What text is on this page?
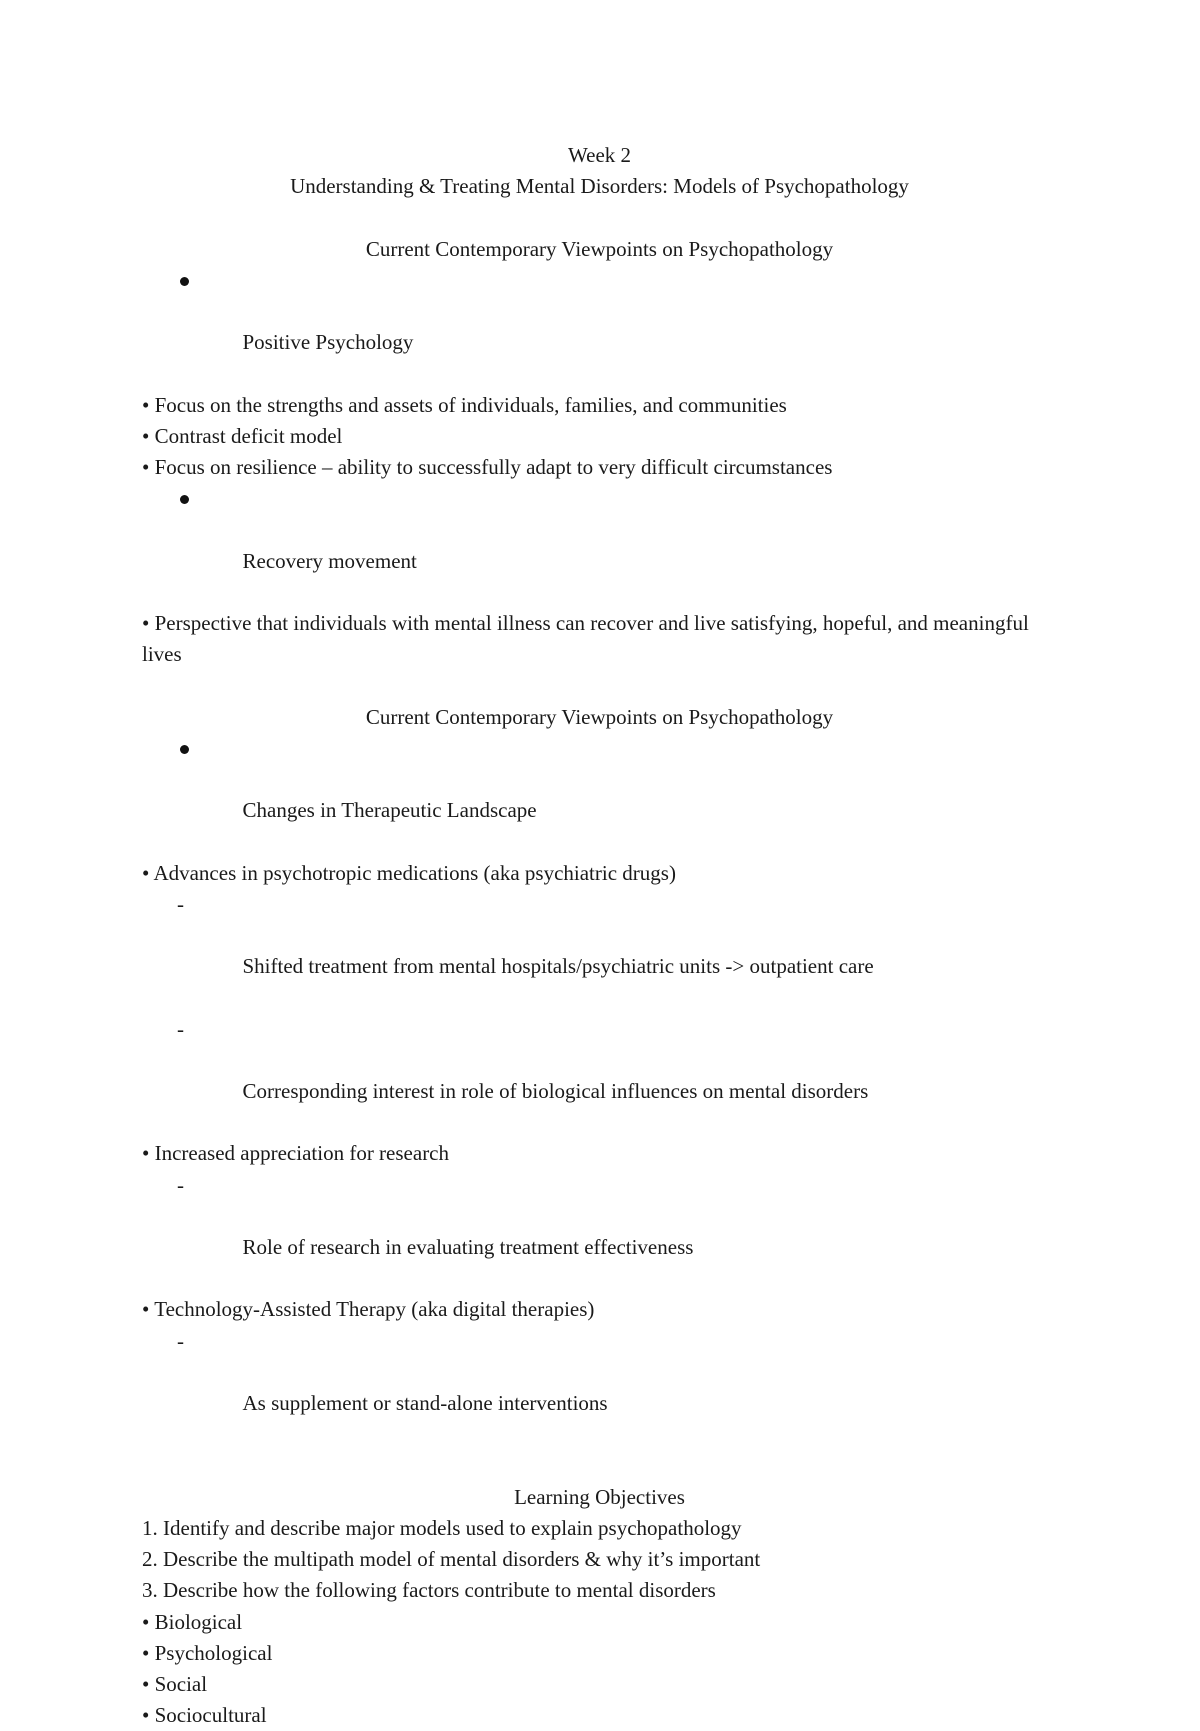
Week 2
Understanding & Treating Mental Disorders: Models of Psychopathology
Current Contemporary Viewpoints on Psychopathology

Positive Psychology

• Focus on the strengths and assets of individuals, families, and communities
• Contrast deficit model
• Focus on resilience – ability to successfully adapt to very difficult circumstances

Recovery movement

• Perspective that individuals with mental illness can recover and live satisfying, hopeful, and meaningful lives
Current Contemporary Viewpoints on Psychopathology

Changes in Therapeutic Landscape

• Advances in psychotropic medications (aka psychiatric drugs)

-

Shifted treatment from mental hospitals/psychiatric units -> outpatient care

-

Corresponding interest in role of biological influences on mental disorders

• Increased appreciation for research

-

Role of research in evaluating treatment effectiveness

• Technology-Assisted Therapy (aka digital therapies)

-

As supplement or stand-alone interventions

Learning Objectives
1. Identify and describe major models used to explain psychopathology
2. Describe the multipath model of mental disorders & why it’s important
3. Describe how the following factors contribute to mental disorders
• Biological
• Psychological
• Social
• Sociocultural
